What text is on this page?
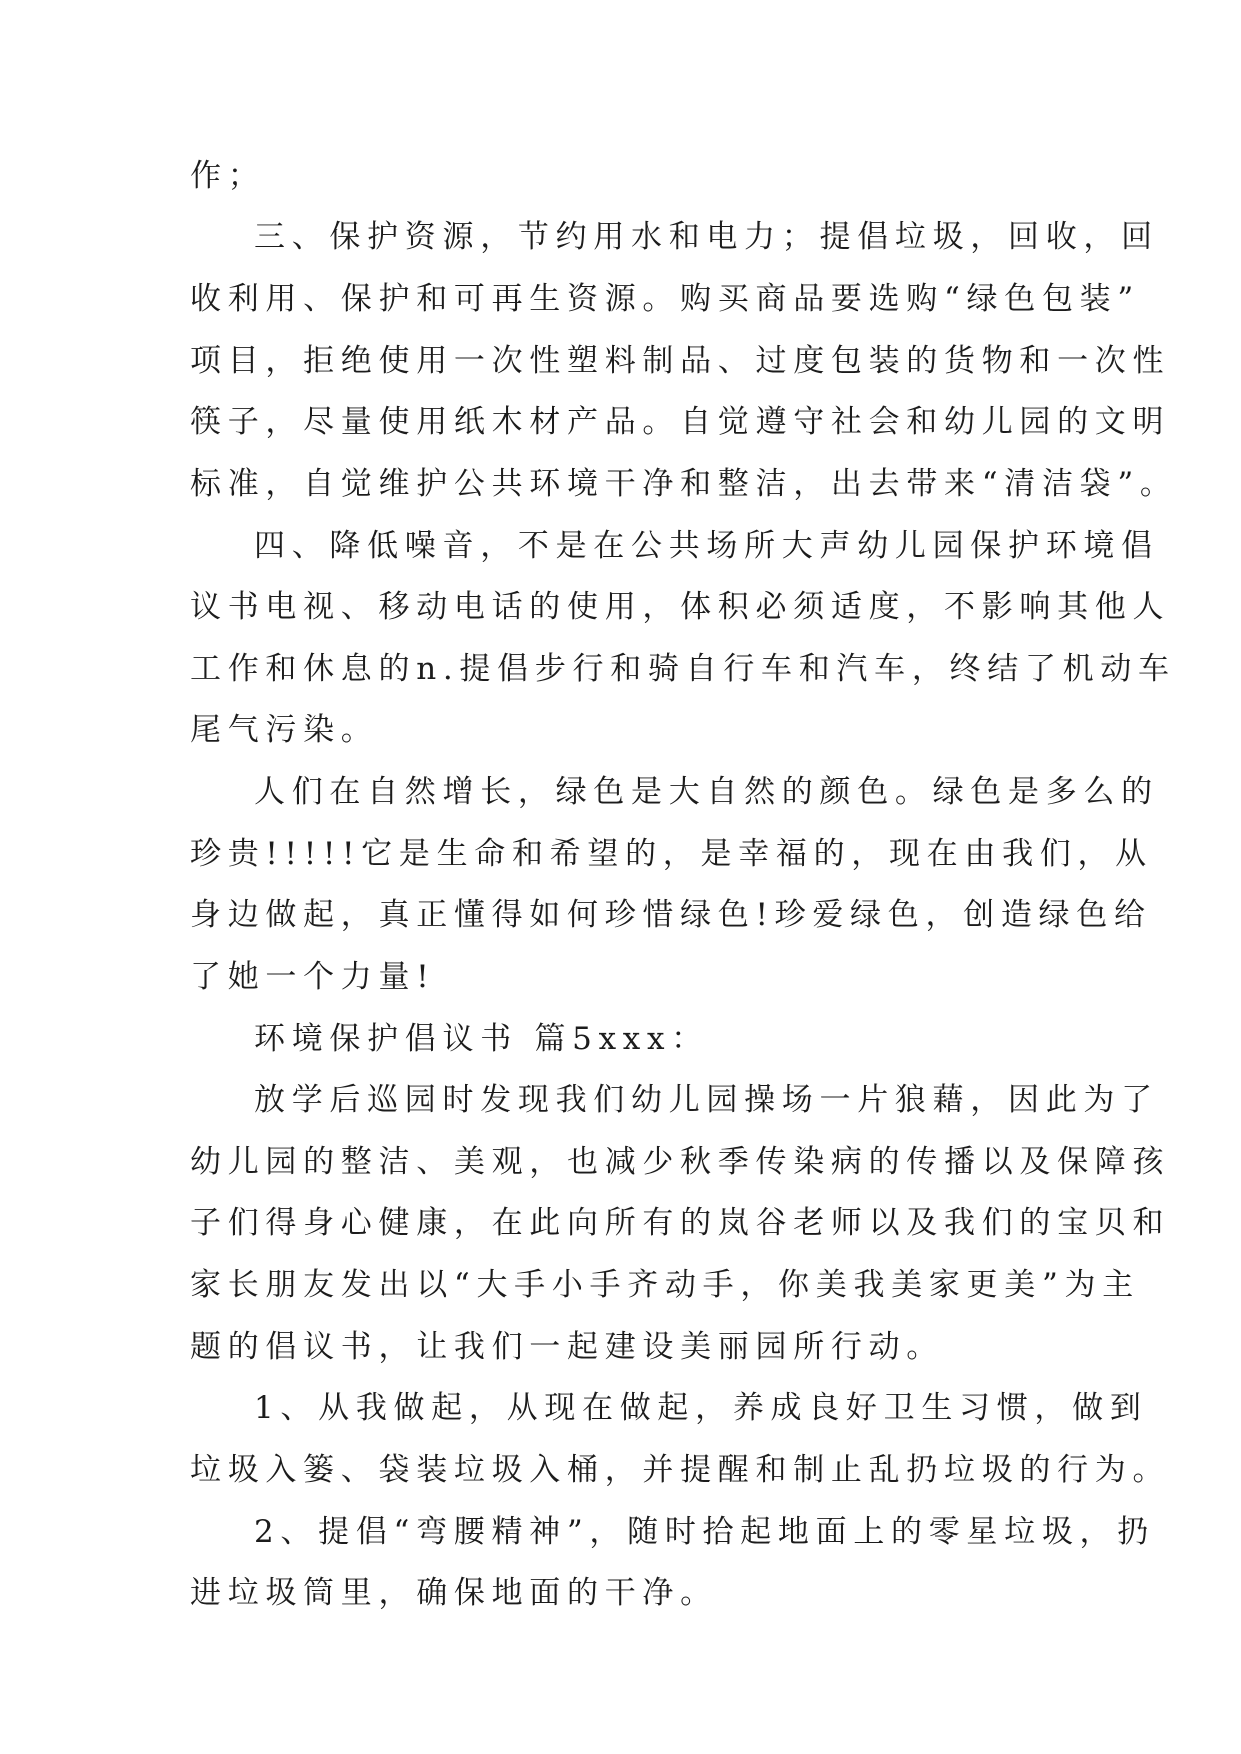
作；
三、保护资源，节约用水和电力；提倡垃圾，回收，回
收利用、保护和可再生资源。购买商品要选购“绿色包装”
项目，拒绝使用一次性塑料制品、过度包装的货物和一次性
筷子，尽量使用纸木材产品。自觉遵守社会和幼儿园的文明
标准，自觉维护公共环境干净和整洁，出去带来“清洁袋”。
四、降低噪音，不是在公共场所大声幼儿园保护环境倡
议书电视、移动电话的使用，体积必须适度，不影响其他人
工作和休息的n.提倡步行和骑自行车和汽车，终结了机动车
尾气污染。
人们在自然增长，绿色是大自然的颜色。绿色是多么的
珍贵!!!!!它是生命和希望的，是幸福的，现在由我们，从
身边做起，真正懂得如何珍惜绿色!珍爱绿色，创造绿色给
了她一个力量!
环境保护倡议书 篇5xxx：
放学后巡园时发现我们幼儿园操场一片狼藉，因此为了
幼儿园的整洁、美观，也减少秋季传染病的传播以及保障孩
子们得身心健康，在此向所有的岚谷老师以及我们的宝贝和
家长朋友发出以“大手小手齐动手，你美我美家更美”为主
题的倡议书，让我们一起建设美丽园所行动。
1、从我做起，从现在做起，养成良好卫生习惯，做到
垃圾入篓、袋装垃圾入桶，并提醒和制止乱扔垃圾的行为。
2、提倡“弯腰精神”，随时拾起地面上的零星垃圾，扔
进垃圾筒里，确保地面的干净。
